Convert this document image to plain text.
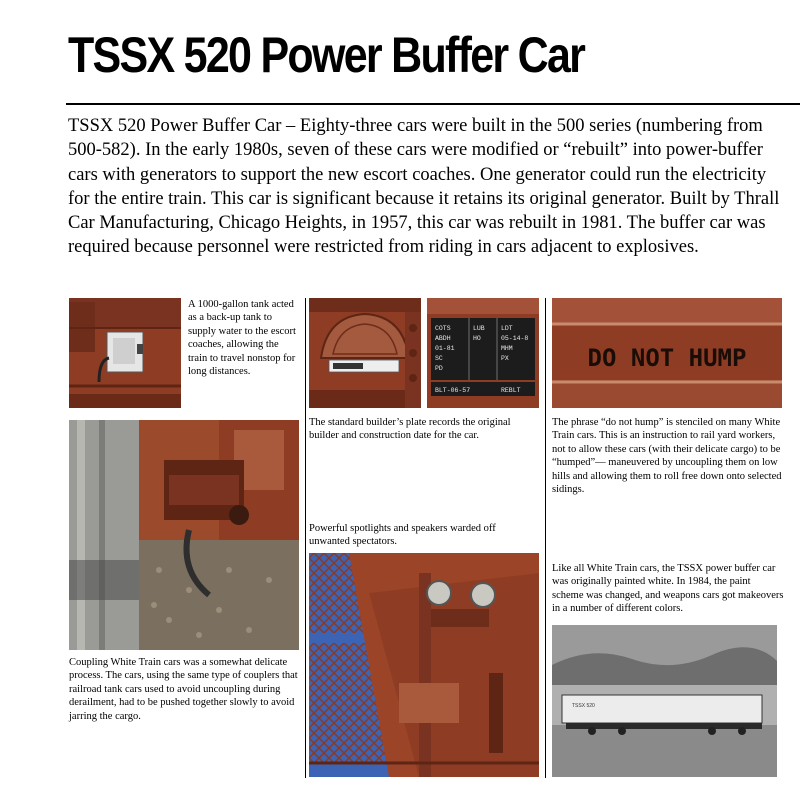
TSSX 520 Power Buffer Car
TSSX 520 Power Buffer Car – Eighty-three cars were built in the 500 series (numbering from 500-582). In the early 1980s, seven of these cars were modified or “rebuilt” into power-buffer cars with generators to support the new escort coaches. One generator could run the electricity for the entire train. This car is significant because it retains its original generator. Built by Thrall Car Manufacturing, Chicago Heights, in 1957, this car was rebuilt in 1981. The buffer car was required because personnel were restricted from riding in cars adjacent to explosives.
A 1000-gallon tank acted as a back-up tank to supply water to the escort coaches, allowing the train to travel nonstop for long distances.
Coupling White Train cars was a somewhat delicate process. The cars, using the same type of couplers that railroad tank cars used to avoid uncoupling during derailment, had to be pushed together slowly to avoid jarring the cargo.
COTS
ABDH
01-81
SC
PD
LUB
HO
LDT
05-14-8
MHM
PX
BLT-06-57	REBLT
The standard builder’s plate records the original builder and construction date for the car.
DO NOT HUMP
The phrase “do not hump” is stenciled on many White Train cars. This is an instruction to rail yard workers, not to allow these cars (with their delicate cargo) to be “humped”— maneuvered by uncoupling them on low hills and allowing them to roll free down onto selected sidings.
Powerful spotlights and speakers warded off unwanted spectators.
Like all White Train cars, the TSSX power buffer car was originally painted white. In 1984, the paint scheme was changed, and weapons cars got makeovers in a number of different colors.
TSSX 520
